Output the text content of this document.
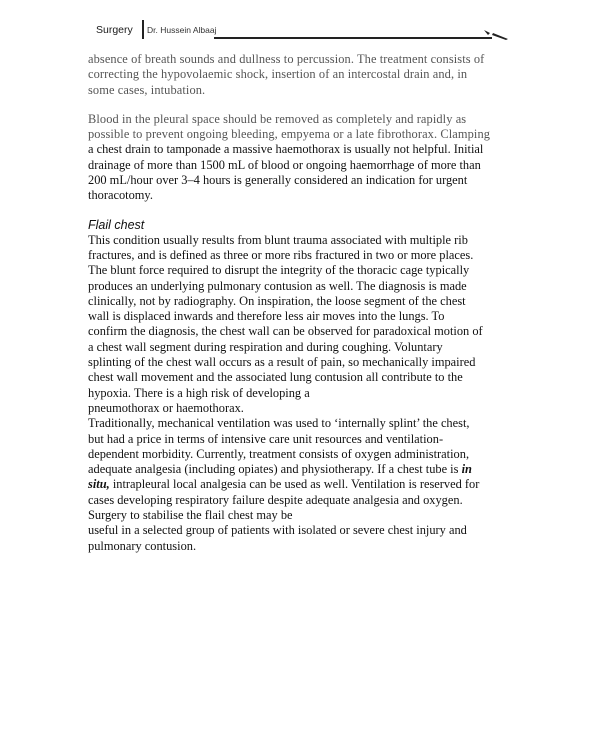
Surgery Dr. Hussein Albaaj

absence of breath sounds and dullness to percussion. The treatment consists of
correcting the hypovolaemic shock, insertion of an intercostal drain and, in
some cases, intubation.

Blood in the pleural space should be removed as completely and rapidly as
possible to prevent ongoing bleeding, empyema or a late fibrothorax. Clamping
a chest drain to tamponade a massive haemothorax is usually not helpful. Initial
drainage of more than 1500 mL of blood or ongoing haemorrhage of more than
200 mL/hour over 3–4 hours is generally considered an indication for urgent
thoracotomy.

Flail chest

This condition usually results from blunt trauma associated with multiple rib
fractures, and is defined as three or more ribs fractured in two or more places.
The blunt force required to disrupt the integrity of the thoracic cage typically
produces an underlying pulmonary contusion as well. The diagnosis is made
clinically, not by radiography. On inspiration, the loose segment of the chest
wall is displaced inwards and therefore less air moves into the lungs. To
confirm the diagnosis, the chest wall can be observed for paradoxical motion of
a chest wall segment during respiration and during coughing. Voluntary
splinting of the chest wall occurs as a result of pain, so mechanically impaired
chest wall movement and the associated lung contusion all contribute to the
hypoxia. There is a high risk of developing a
pneumothorax or haemothorax.

Traditionally, mechanical ventilation was used to ‘internally splint’ the chest,
but had a price in terms of intensive care unit resources and ventilation-
dependent morbidity. Currently, treatment consists of oxygen administration,
adequate analgesia (including opiates) and physiotherapy. If a chest tube is in
situ, intrapleural local analgesia can be used as well. Ventilation is reserved for
cases developing respiratory failure despite adequate analgesia and oxygen.
Surgery to stabilise the flail chest may be
useful in a selected group of patients with isolated or severe chest injury and
pulmonary contusion.
